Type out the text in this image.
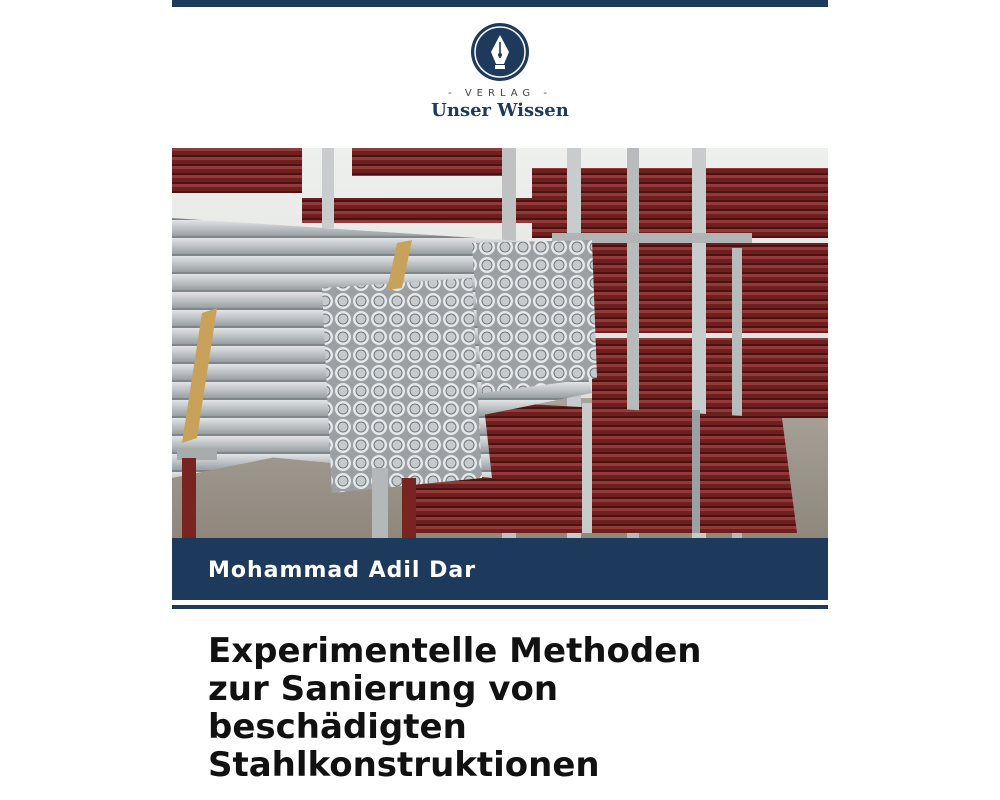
- VERLAG -
Unser Wissen
Mohammad Adil Dar
Experimentelle Methoden
zur Sanierung von
beschädigten
Stahlkonstruktionen
